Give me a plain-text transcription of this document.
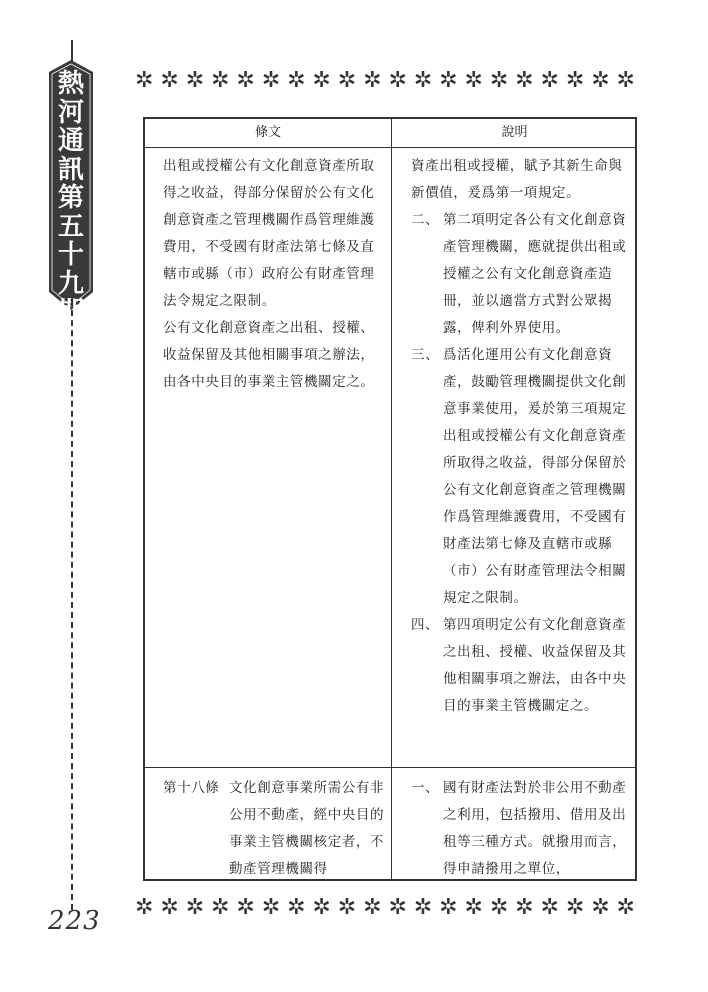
熱
河
通
訊
第
五
十
九
期
223
✲ ✲ ✲ ✲ ✲ ✲ ✲ ✲ ✲ ✲ ✲ ✲ ✲ ✲ ✲ ✲ ✲ ✲ ✲ ✲
✲ ✲ ✲ ✲ ✲ ✲ ✲ ✲ ✲ ✲ ✲ ✲ ✲ ✲ ✲ ✲ ✲ ✲ ✲ ✲
條文	說明

出租或授權公有文化創意資產所取得之收益，得部分保留於公有文化創意資產之管理機關作爲管理維護費用，不受國有財產法第七條及直轄市或縣（市）政府公有財產管理法令規定之限制。

公有文化創意資產之出租、授權、收益保留及其他相關事項之辦法，由各中央目的事業主管機關定之。

資產出租或授權，賦予其新生命與新價值，爰爲第一項規定。

二、 第二項明定各公有文化創意資產管理機關，應就提供出租或授權之公有文化創意資產造冊，並以適當方式對公眾揭露，俾利外界使用。
三、 爲活化運用公有文化創意資產，鼓勵管理機關提供文化創意事業使用，爰於第三項規定出租或授權公有文化創意資產所取得之收益，得部分保留於公有文化創意資產之管理機關作爲管理維護費用，不受國有財產法第七條及直轄市或縣（市）公有財產管理法令相關規定之限制。
四、 第四項明定公有文化創意資產之出租、授權、收益保留及其他相關事項之辦法，由各中央目的事業主管機關定之。
第十八條 文化創意事業所需公有非公用不動產，經中央目的事業主管機關核定者，不動產管理機關得
一、 國有財產法對於非公用不動產之利用，包括撥用、借用及出租等三種方式。就撥用而言，得申請撥用之單位，
